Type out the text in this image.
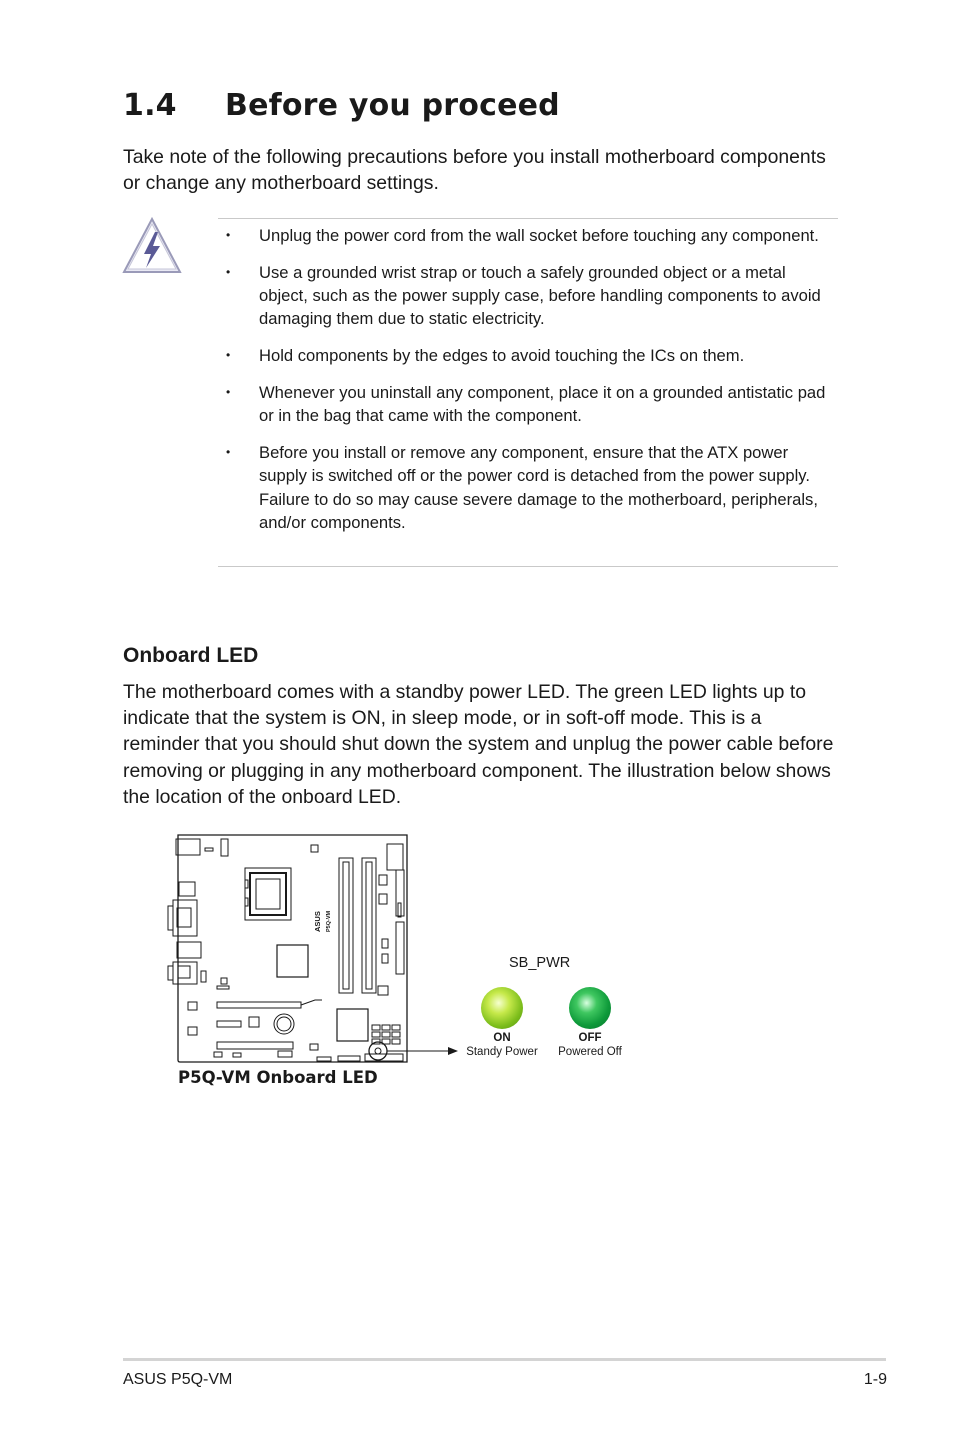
1.4 Before you proceed
Take note of the following precautions before you install motherboard components or change any motherboard settings.
• Unplug the power cord from the wall socket before touching any component.
• Use a grounded wrist strap or touch a safely grounded object or a metal object, such as the power supply case, before handling components to avoid damaging them due to static electricity.
• Hold components by the edges to avoid touching the ICs on them.
• Whenever you uninstall any component, place it on a grounded antistatic pad or in the bag that came with the component.
• Before you install or remove any component, ensure that the ATX power supply is switched off or the power cord is detached from the power supply. Failure to do so may cause severe damage to the motherboard, peripherals, and/or components.
Onboard LED
The motherboard comes with a standby power LED. The green LED lights up to indicate that the system is ON, in sleep mode, or in soft-off mode. This is a reminder that you should shut down the system and unplug the power cable before removing or plugging in any motherboard component. The illustration below shows the location of the onboard LED.
ASUS P5Q-VM
P5Q-VM Onboard LED
SB_PWR
ON
Standy Power
OFF
Powered Off
ASUS P5Q-VM	1-9
